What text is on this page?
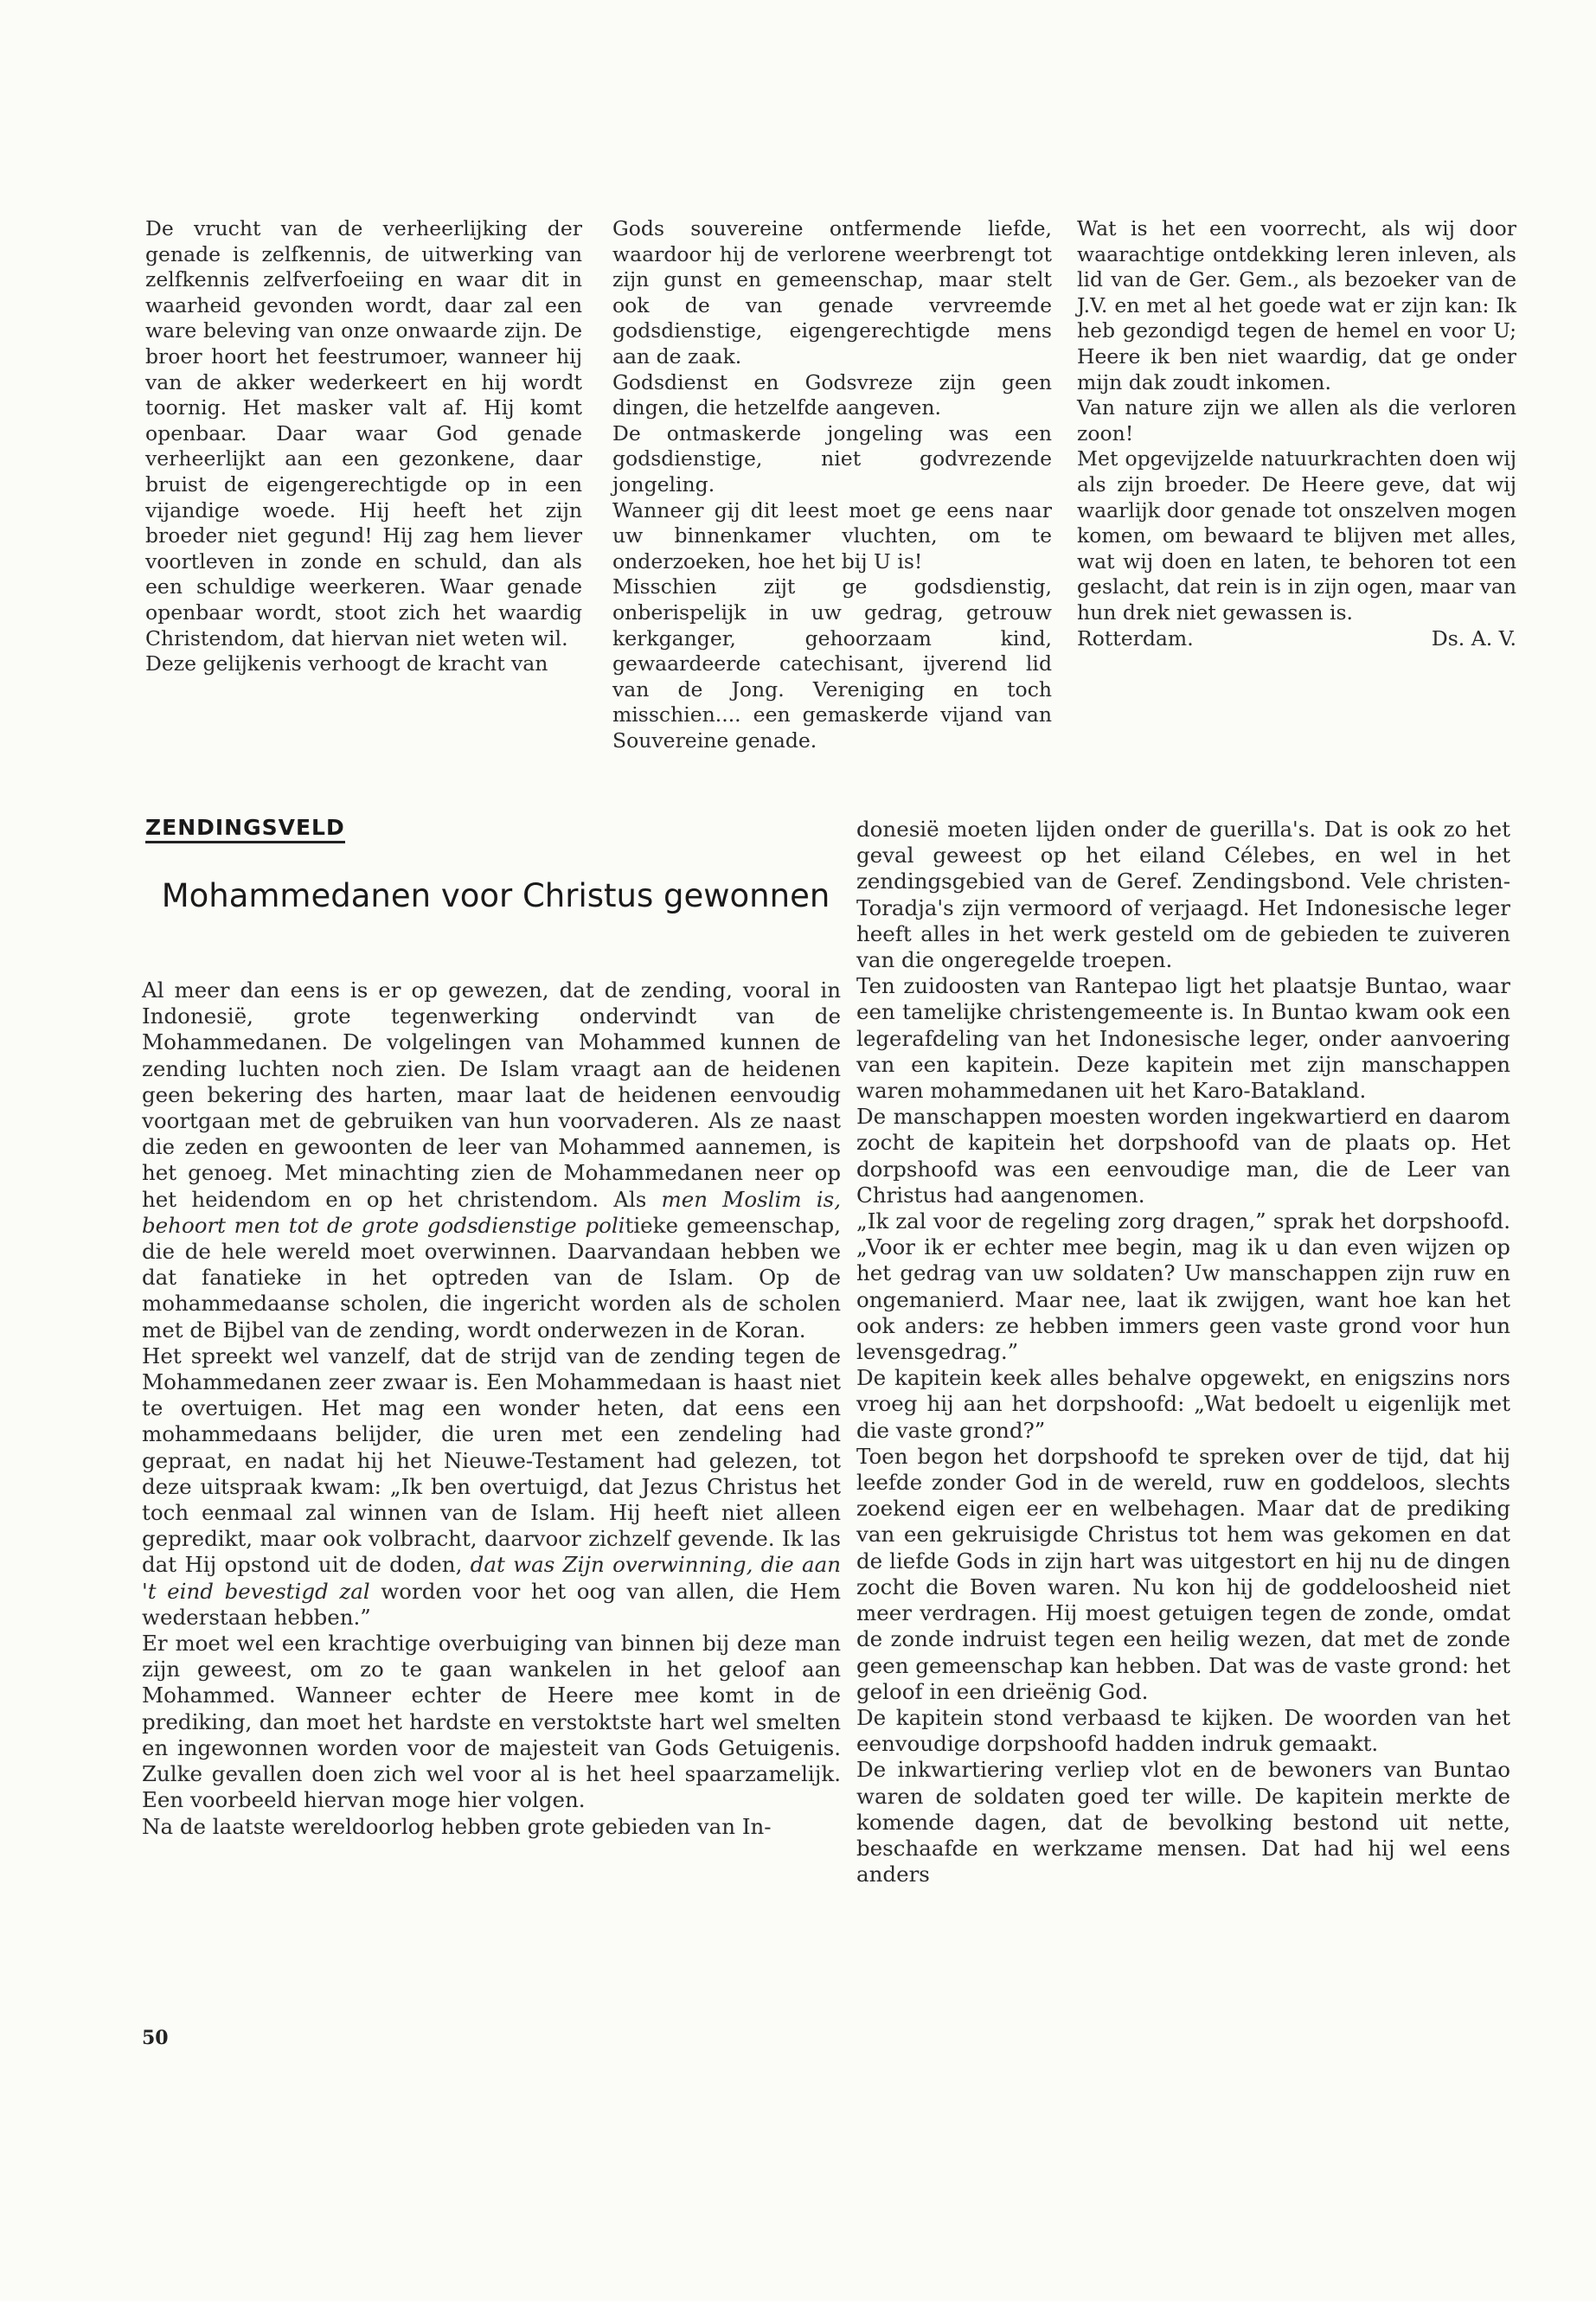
De vrucht van de verheerlijking der genade is zelfkennis, de uitwerking van zelfkennis zelfverfoeiing en waar dit in waarheid gevonden wordt, daar zal een ware beleving van onze onwaarde zijn. De broer hoort het feestrumoer, wanneer hij van de akker wederkeert en hij wordt toornig. Het masker valt af. Hij komt openbaar. Daar waar God genade verheerlijkt aan een gezonkene, daar bruist de eigengerechtigde op in een vijandige woede. Hij heeft het zijn broeder niet gegund! Hij zag hem liever voortleven in zonde en schuld, dan als een schuldige weerkeren. Waar genade openbaar wordt, stoot zich het waardig Christendom, dat hiervan niet weten wil.

Deze gelijkenis verhoogt de kracht van

Gods souvereine ontfermende liefde, waardoor hij de verlorene weerbrengt tot zijn gunst en gemeenschap, maar stelt ook de van genade vervreemde godsdienstige, eigengerechtigde mens aan de zaak.

Godsdienst en Godsvreze zijn geen dingen, die hetzelfde aangeven.

De ontmaskerde jongeling was een godsdienstige, niet godvrezende jongeling.

Wanneer gij dit leest moet ge eens naar uw binnenkamer vluchten, om te onderzoeken, hoe het bij U is!

Misschien zijt ge godsdienstig, onberispelijk in uw gedrag, getrouw kerkganger, gehoorzaam kind, gewaardeerde catechisant, ijverend lid van de Jong. Vereniging en toch misschien.... een gemaskerde vijand van Souvereine genade.

Wat is het een voorrecht, als wij door waarachtige ontdekking leren inleven, als lid van de Ger. Gem., als bezoeker van de J.V. en met al het goede wat er zijn kan: Ik heb gezondigd tegen de hemel en voor U; Heere ik ben niet waardig, dat ge onder mijn dak zoudt inkomen.

Van nature zijn we allen als die verloren zoon!

Met opgevijzelde natuurkrachten doen wij als zijn broeder. De Heere geve, dat wij waarlijk door genade tot onszelven mogen komen, om bewaard te blijven met alles, wat wij doen en laten, te behoren tot een geslacht, dat rein is in zijn ogen, maar van hun drek niet gewassen is.

Rotterdam.	Ds. A. V.

ZENDINGSVELD
Mohammedanen voor Christus gewonnen

Al meer dan eens is er op gewezen, dat de zending, vooral in Indonesië, grote tegenwerking ondervindt van de Mohammedanen. De volgelingen van Mohammed kunnen de zending luchten noch zien. De Islam vraagt aan de heidenen geen bekering des harten, maar laat de heidenen eenvoudig voortgaan met de gebruiken van hun voorvaderen. Als ze naast die zeden en gewoonten de leer van Mohammed aannemen, is het genoeg. Met minachting zien de Mohammedanen neer op het heidendom en op het christendom. Als men Moslim is, behoort men tot de grote godsdienstige politieke gemeenschap, die de hele wereld moet overwinnen. Daarvandaan hebben we dat fanatieke in het optreden van de Islam. Op de mohammedaanse scholen, die ingericht worden als de scholen met de Bijbel van de zending, wordt onderwezen in de Koran.

Het spreekt wel vanzelf, dat de strijd van de zending tegen de Mohammedanen zeer zwaar is. Een Mohammedaan is haast niet te overtuigen. Het mag een wonder heten, dat eens een mohammedaans belijder, die uren met een zendeling had gepraat, en nadat hij het Nieuwe-Testament had gelezen, tot deze uitspraak kwam: „Ik ben overtuigd, dat Jezus Christus het toch eenmaal zal winnen van de Islam. Hij heeft niet alleen gepredikt, maar ook volbracht, daarvoor zichzelf gevende. Ik las dat Hij opstond uit de doden, dat was Zijn overwinning, die aan 't eind bevestigd zal worden voor het oog van allen, die Hem wederstaan hebben.”

Er moet wel een krachtige overbuiging van binnen bij deze man zijn geweest, om zo te gaan wankelen in het geloof aan Mohammed. Wanneer echter de Heere mee komt in de prediking, dan moet het hardste en verstoktste hart wel smelten en ingewonnen worden voor de majesteit van Gods Getuigenis. Zulke gevallen doen zich wel voor al is het heel spaarzamelijk. Een voorbeeld hiervan moge hier volgen.

Na de laatste wereldoorlog hebben grote gebieden van In-

donesië moeten lijden onder de guerilla's. Dat is ook zo het geval geweest op het eiland Célebes, en wel in het zendingsgebied van de Geref. Zendingsbond. Vele christen-Toradja's zijn vermoord of verjaagd. Het Indonesische leger heeft alles in het werk gesteld om de gebieden te zuiveren van die ongeregelde troepen.

Ten zuidoosten van Rantepao ligt het plaatsje Buntao, waar een tamelijke christengemeente is. In Buntao kwam ook een legerafdeling van het Indonesische leger, onder aanvoering van een kapitein. Deze kapitein met zijn manschappen waren mohammedanen uit het Karo-Batakland.

De manschappen moesten worden ingekwartierd en daarom zocht de kapitein het dorpshoofd van de plaats op. Het dorpshoofd was een eenvoudige man, die de Leer van Christus had aangenomen.

„Ik zal voor de regeling zorg dragen,” sprak het dorpshoofd. „Voor ik er echter mee begin, mag ik u dan even wijzen op het gedrag van uw soldaten? Uw manschappen zijn ruw en ongemanierd. Maar nee, laat ik zwijgen, want hoe kan het ook anders: ze hebben immers geen vaste grond voor hun levensgedrag.”

De kapitein keek alles behalve opgewekt, en enigszins nors vroeg hij aan het dorpshoofd: „Wat bedoelt u eigenlijk met die vaste grond?”

Toen begon het dorpshoofd te spreken over de tijd, dat hij leefde zonder God in de wereld, ruw en goddeloos, slechts zoekend eigen eer en welbehagen. Maar dat de prediking van een gekruisigde Christus tot hem was gekomen en dat de liefde Gods in zijn hart was uitgestort en hij nu de dingen zocht die Boven waren. Nu kon hij de goddeloosheid niet meer verdragen. Hij moest getuigen tegen de zonde, omdat de zonde indruist tegen een heilig wezen, dat met de zonde geen gemeenschap kan hebben. Dat was de vaste grond: het geloof in een drieënig God.

De kapitein stond verbaasd te kijken. De woorden van het eenvoudige dorpshoofd hadden indruk gemaakt.

De inkwartiering verliep vlot en de bewoners van Buntao waren de soldaten goed ter wille. De kapitein merkte de komende dagen, dat de bevolking bestond uit nette, beschaafde en werkzame mensen. Dat had hij wel eens anders

50
